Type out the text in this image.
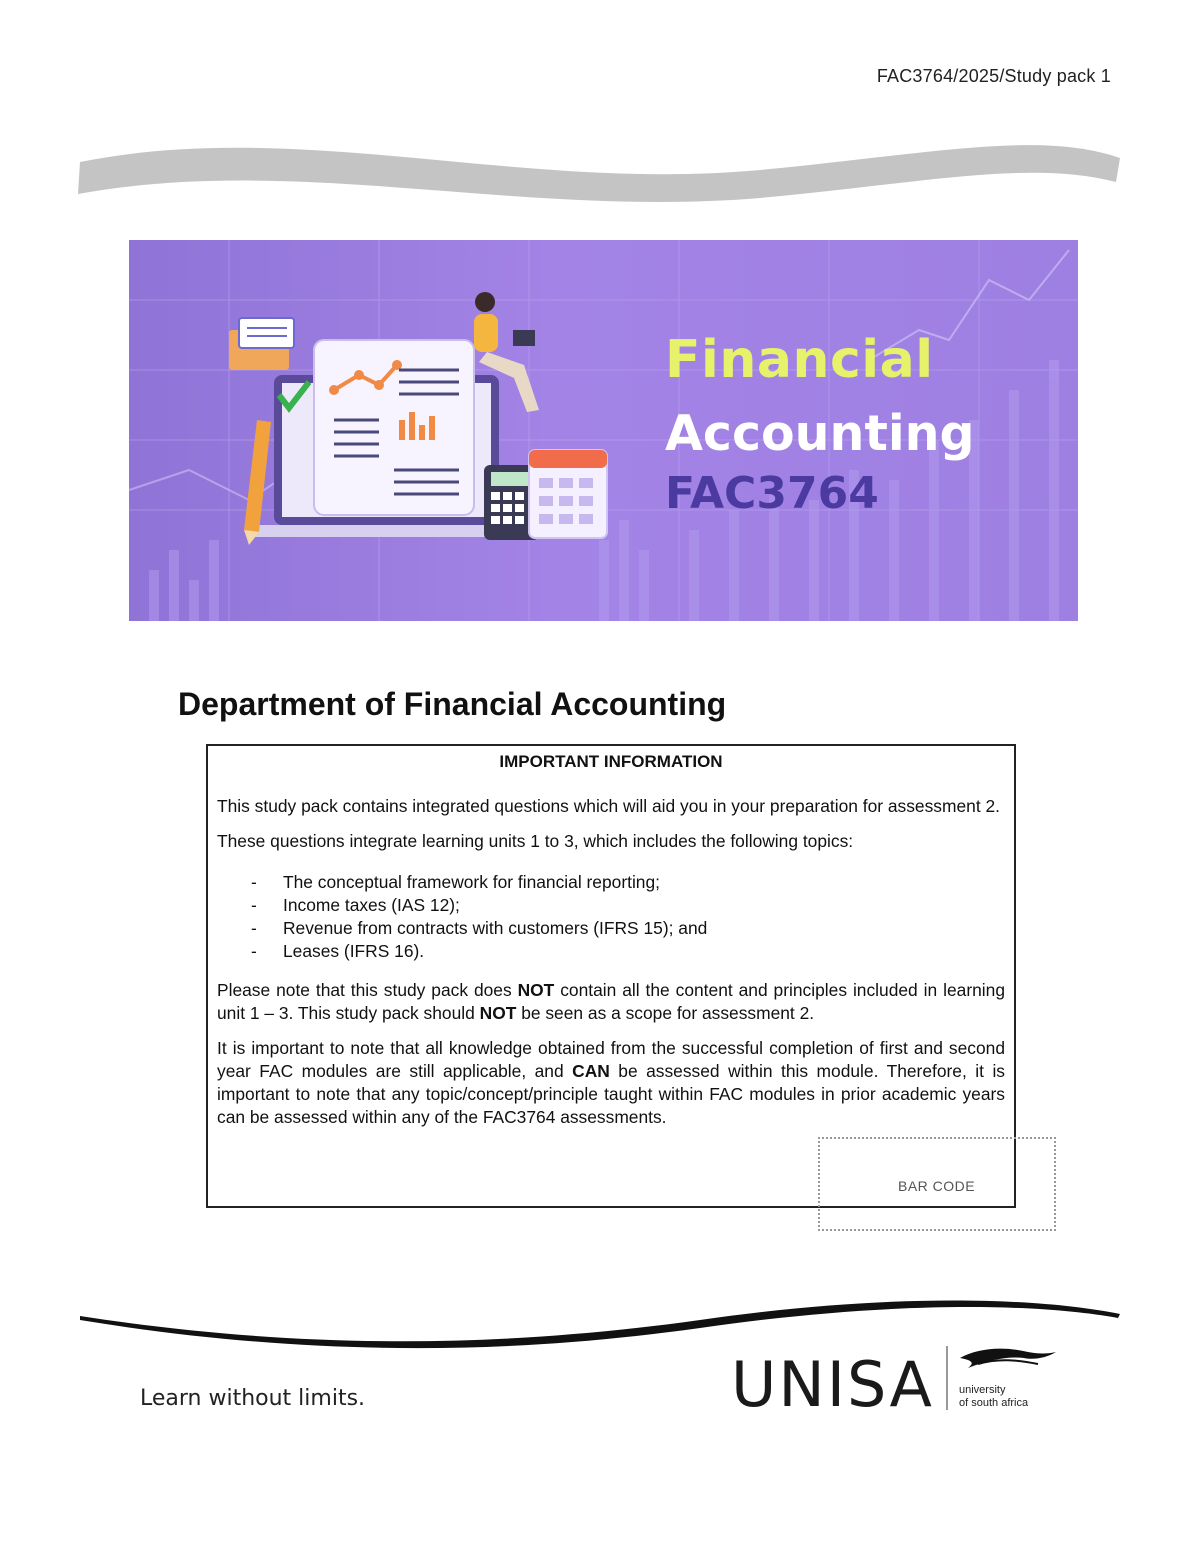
FAC3764/2025/Study pack 1
Financial
Accounting
FAC3764
Department of Financial Accounting
IMPORTANT INFORMATION

This study pack contains integrated questions which will aid you in your preparation for assessment 2.

These questions integrate learning units 1 to 3, which includes the following topics:

- The conceptual framework for financial reporting;
- Income taxes (IAS 12);
- Revenue from contracts with customers (IFRS 15); and
- Leases (IFRS 16).

Please note that this study pack does NOT contain all the content and principles included in learning unit 1 – 3. This study pack should NOT be seen as a scope for assessment 2.

It is important to note that all knowledge obtained from the successful completion of first and second year FAC modules are still applicable, and CAN be assessed within this module. Therefore, it is important to note that any topic/concept/principle taught within FAC modules in prior academic years can be assessed within any of the FAC3764 assessments.

BAR CODE
Learn without limits.	UNISA university
of south africa
